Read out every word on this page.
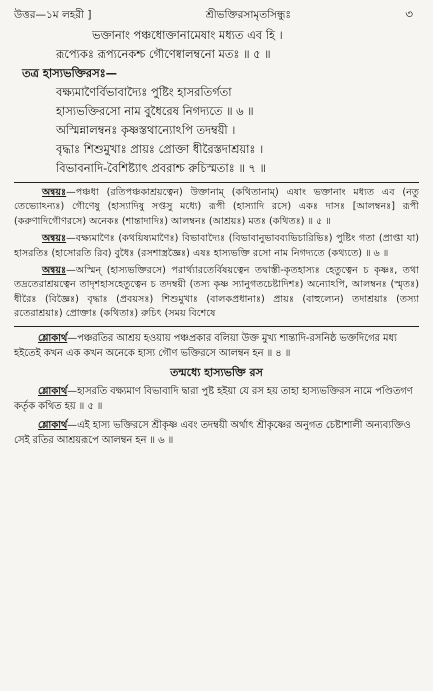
উত্তর—১ম লহরী ]	শ্রীভক্তিরসামৃতসিন্ধুঃ	৩
ভক্তানাং পঞ্চধোক্তানামেষাং মধ্যত এব হি ।
রূপ্যেকঃ রূপ্যনেকশ্চ গৌণেষ্বালম্বনো মতঃ ॥ ৫ ॥
তত্র হাস্যভক্তিরসঃ—
বক্ষ্যমাণৈর্বিভাবাদ্যৈঃ পুষ্টিং হাসরতির্গতা
হাস্যভক্তিরসো নাম বুধৈরেষ নিগদ্যতে ॥ ৬ ॥
অস্মিন্নালম্বনঃ কৃষ্ণস্তথান্যোঽপি তদম্বয়ী ।
বৃদ্ধাঃ শিশুমুখাঃ প্রায়ঃ প্রোক্তা ধীরৈস্তদাশ্রয়াঃ ।
বিভাবনাদি-বৈশিষ্ট্যাৎ প্রবরাশ্চ রুচিস্মতাঃ ॥ ৭ ॥

অন্বয়ঃ—পঞ্চধা (রতিপঞ্চকাশ্রয়ত্বেন) উক্তানাম্ (কথিতানাম্) এষাং ভক্তানাং মধ্যত এব (নতু তেভ্যোঽন্যঃ) গৌণেষু (হাস্যাদিষু সপ্তসু মধ্যে) রূপী (হাস্যাদি রসে) একঃ দাসঃ [আলম্বনঃ] রূপী (করুণাদিগৌণরসে) অনেকঃ (শান্তাদাদিঃ) আলম্বনঃ (আশ্রয়ঃ) মতঃ (কথিতঃ) ॥ ৫ ॥

অন্বয়ঃ—বক্ষ্যমাণৈঃ (কথয়িষ্যমাণৈঃ) বিভাবাদ্যৈঃ (বিভাবানুভাবব্যভিচারিভিঃ) পুষ্টিং গতা (প্রাপ্তা যা) হাসরতিঃ (হাসোরতি রিব) বুধৈঃ (রসশাস্ত্রজ্ঞৈঃ) এষঃ হাস্যভক্তি রসো নাম নিগদ্যতে (কথ্যতে) ॥ ৬ ॥

অন্বয়ঃ—অস্মিন্ (হাস্যভক্তিরসে) পরার্থ্যারতের্বিষয়ত্বেন তদ্বাস্তী-কৃতহাস্যঃ হেতুত্বেন চ কৃষ্ণঃ, তথা তদ্রতেরাশ্রয়ত্বেন তাদৃশহাসহেতুত্বেন চ তদম্বয়ী (তস্য কৃষ্ণ স্যানুগতচেষ্টাদিশঃ) অন্যোঽপি, আলম্বনঃ (স্মৃতঃ) ধীরৈঃ (বিজ্ঞৈঃ) বৃদ্ধাঃ (প্রবয়সঃ) শিশুমুখাঃ (বালকপ্রধানাঃ) প্রায়ঃ (বাহুল্যেন) তদাশ্রয়াঃ (তস্যা রতেরাশ্রয়াঃ) প্রোক্তাঃ (কথিতাঃ) রুচিৎ (সময় বিশেষে

শ্লোকার্থ—পঞ্চরতির আশ্রয় হওয়ায় পঞ্চপ্রকার বলিয়া উক্ত মুখ্য শান্তাদি-রসনিষ্ঠ ভক্তদিগের মধ্য হইতেই কখন এক কখন অনেকে হাস্য গৌণ ভক্তিরসে আলম্বন হন ॥ ৪ ॥

তন্মধ্যে হাস্যভক্তি রস

শ্লোকার্থ—হাসরতি বক্ষ্যমাণ বিভাবাদি দ্বারা পুষ্ট হইয়া যে রস হয় তাহা হাস্যভক্তিরস নামে পণ্ডিতগণ কর্তৃক কথিত হয় ॥ ৫ ॥

শ্লোকার্থ—এই হাস্য ভক্তিরসে শ্রীকৃষ্ণ এবং তদম্বয়ী অর্থাৎ শ্রীকৃষ্ণের অনুগত চেষ্টাশালী অন্যব্যক্তিও সেই রতির আশ্রয়রূপে আলম্বন হন ॥ ৬ ॥
